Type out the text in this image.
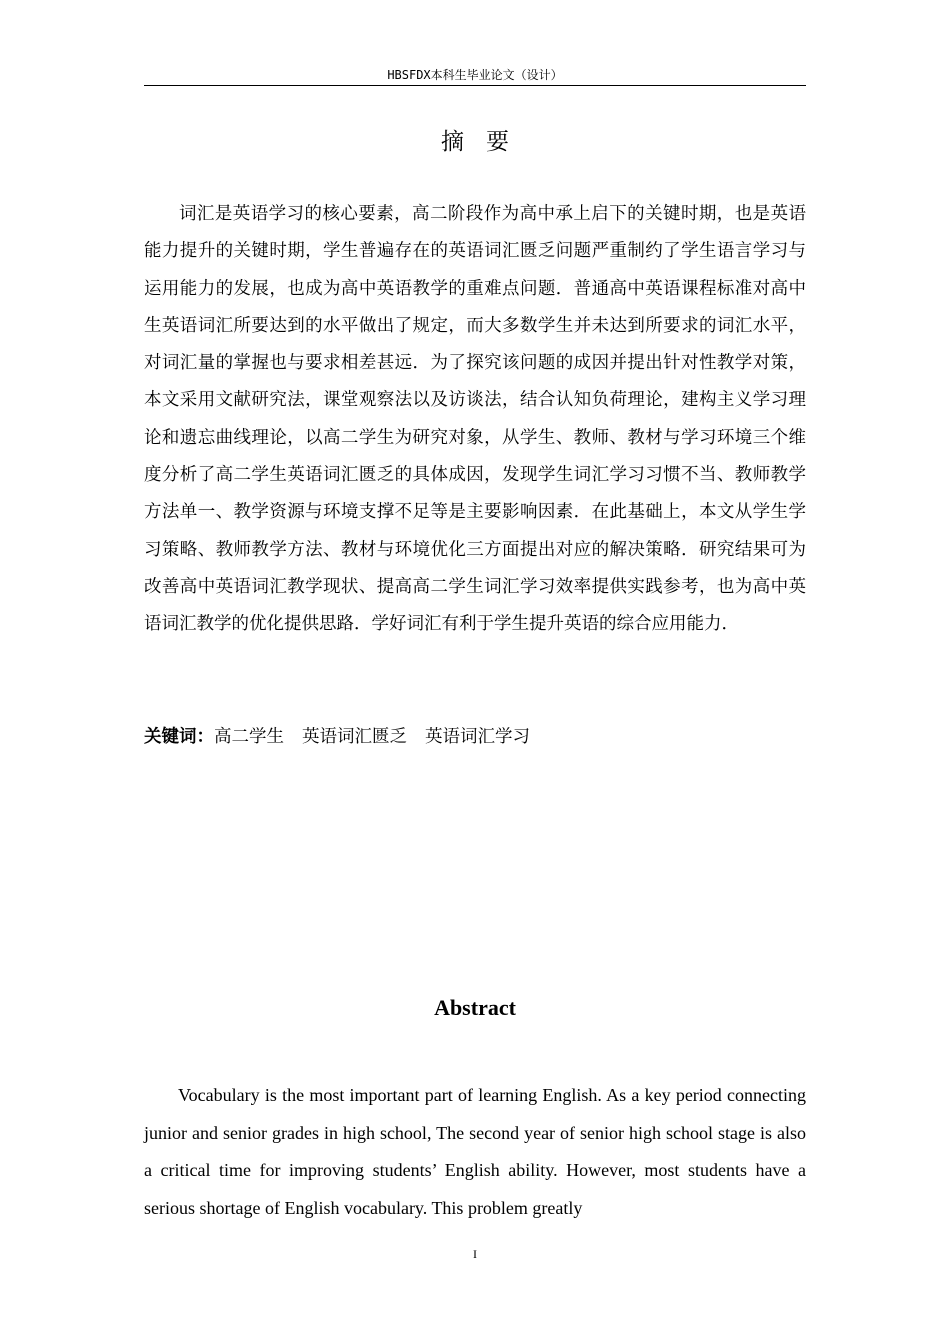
HBSFDX本科生毕业论文（设计）
摘要

词汇是英语学习的核心要素，高二阶段作为高中承上启下的关键时期，也是英语能力提升的关键时期，学生普遍存在的英语词汇匮乏问题严重制约了学生语言学习与运用能力的发展，也成为高中英语教学的重难点问题．普通高中英语课程标准对高中生英语词汇所要达到的水平做出了规定，而大多数学生并未达到所要求的词汇水平，对词汇量的掌握也与要求相差甚远．为了探究该问题的成因并提出针对性教学对策，本文采用文献研究法，课堂观察法以及访谈法，结合认知负荷理论，建构主义学习理论和遗忘曲线理论，以高二学生为研究对象，从学生、教师、教材与学习环境三个维度分析了高二学生英语词汇匮乏的具体成因，发现学生词汇学习习惯不当、教师教学方法单一、教学资源与环境支撑不足等是主要影响因素．在此基础上，本文从学生学习策略、教师教学方法、教材与环境优化三方面提出对应的解决策略．研究结果可为改善高中英语词汇教学现状、提高高二学生词汇学习效率提供实践参考，也为高中英语词汇教学的优化提供思路．学好词汇有利于学生提升英语的综合应用能力．

关键词：高二学生 英语词汇匮乏 英语词汇学习
Abstract

Vocabulary is the most important part of learning English. As a key period connecting junior and senior grades in high school, The second year of senior high school stage is also a critical time for improving students’ English ability. However, most students have a serious shortage of English vocabulary. This problem greatly

I
